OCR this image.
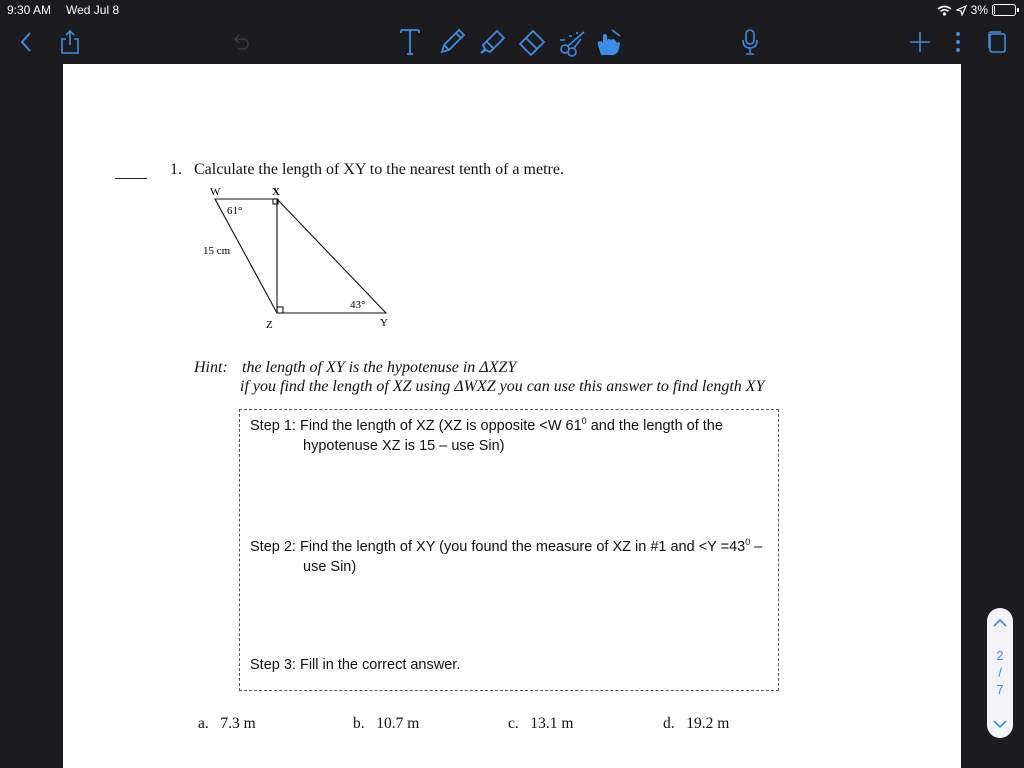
9:30 AM Wed Jul 8	3%
1. Calculate the length of XY to the nearest tenth of a metre.
W	X
61°
15 cm
43°
Z	Y
Hint: the length of XY is the hypotenuse in ΔXZY
if you find the length of XZ using ΔWXZ you can use this answer to find length XY
Step 1: Find the length of XZ (XZ is opposite <W $61^0$ and the length of the
hypotenuse XZ is 15 – use Sin)
Step 2: Find the length of XY (you found the measure of XZ in #1 and $<Y =43^0$ –
use Sin)
Step 3: Fill in the correct answer.
a. 7.3 m	b. 10.7 m	c. 13.1 m	d. 19.2 m
2
/
7
